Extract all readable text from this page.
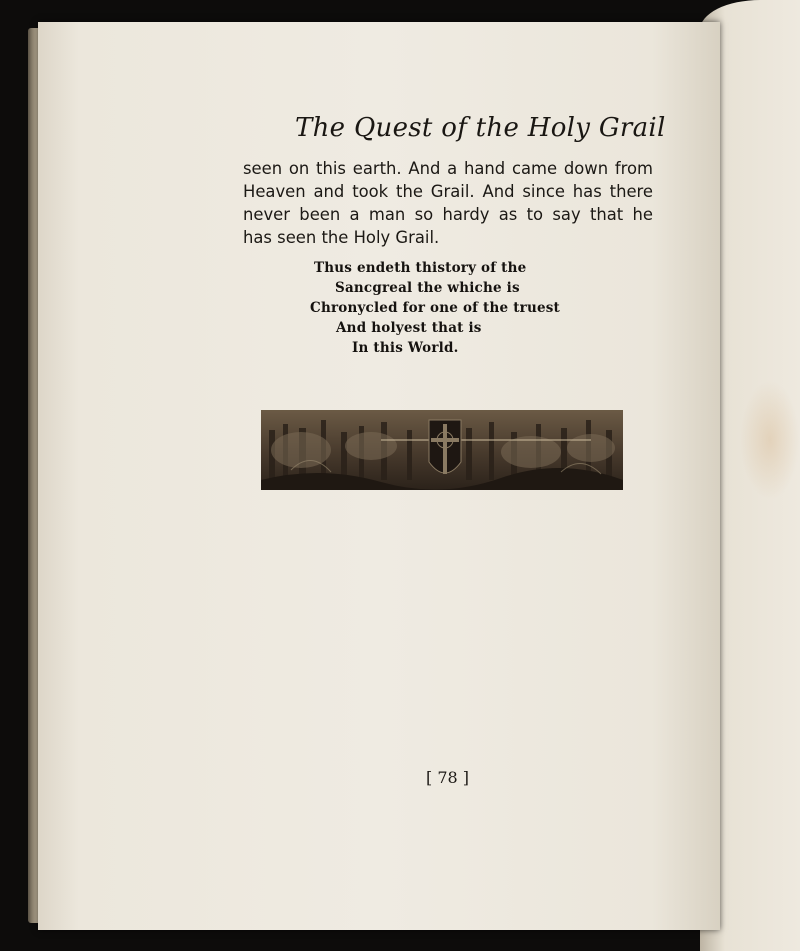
The Quest of the Holy Grail
seen on this earth. And a hand came down from
Heaven and took the Grail. And since has there
never been a man so hardy as to say that he
has seen the Holy Grail.
Thus endeth thistory of the
Sancgreal the whiche is
Chronycled for one of the truest
And holyest that is
In this World.
[ 78 ]
